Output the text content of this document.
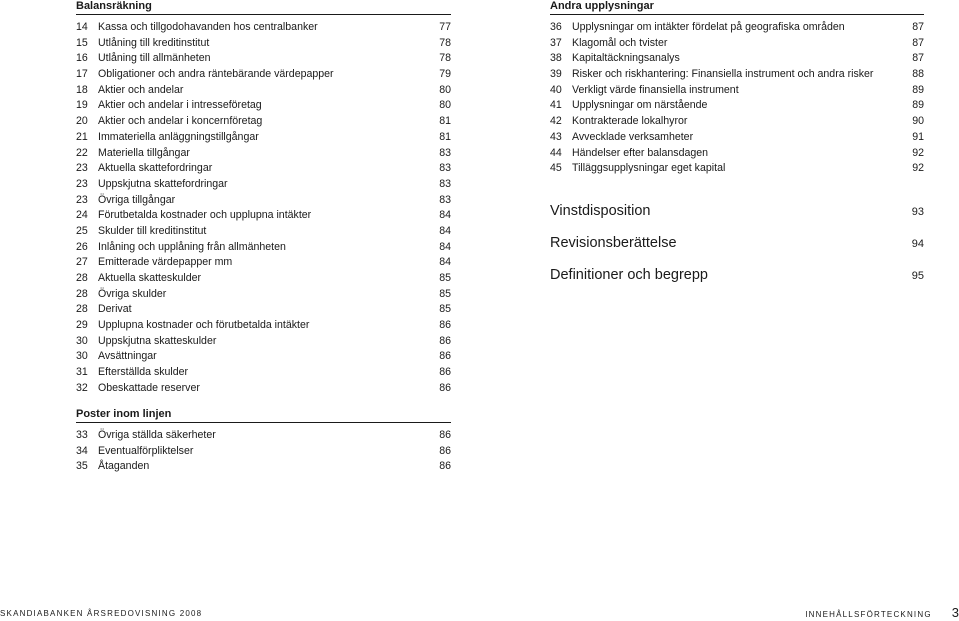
Balansräkning
14 Kassa och tillgodohavanden hos centralbanker	77
15 Utlåning till kreditinstitut	78
16 Utlåning till allmänheten	78
17 Obligationer och andra räntebärande värdepapper	79
18 Aktier och andelar	80
19 Aktier och andelar i intresseföretag	80
20 Aktier och andelar i koncernföretag	81
21 Immateriella anläggningstillgångar	81
22 Materiella tillgångar	83
23 Aktuella skattefordringar	83
23 Uppskjutna skattefordringar	83
23 Övriga tillgångar	83
24 Förutbetalda kostnader och upplupna intäkter	84
25 Skulder till kreditinstitut	84
26 Inlåning och upplåning från allmänheten	84
27 Emitterade värdepapper mm	84
28 Aktuella skatteskulder	85
28 Övriga skulder	85
28 Derivat	85
29 Upplupna kostnader och förutbetalda intäkter	86
30 Uppskjutna skatteskulder	86
30 Avsättningar	86
31 Efterställda skulder	86
32 Obeskattade reserver	86
Poster inom linjen
33 Övriga ställda säkerheter	86
34 Eventualförpliktelser	86
35 Åtaganden	86
Andra upplysningar
36 Upplysningar om intäkter fördelat på geografiska områden	87
37 Klagomål och tvister	87
38 Kapitaltäckningsanalys	87
39 Risker och riskhantering: Finansiella instrument och andra risker	88
40 Verkligt värde finansiella instrument	89
41 Upplysningar om närstående	89
42 Kontrakterade lokalhyror	90
43 Avvecklade verksamheter	91
44 Händelser efter balansdagen	92
45 Tilläggsupplysningar eget kapital	92
Vinstdisposition	93
Revisionsberättelse	94
Definitioner och begrepp	95
SKANDIABANKEN ÅRSREDOVISNING 2008	INNEHÅLLSFÖRTECKNING 3
